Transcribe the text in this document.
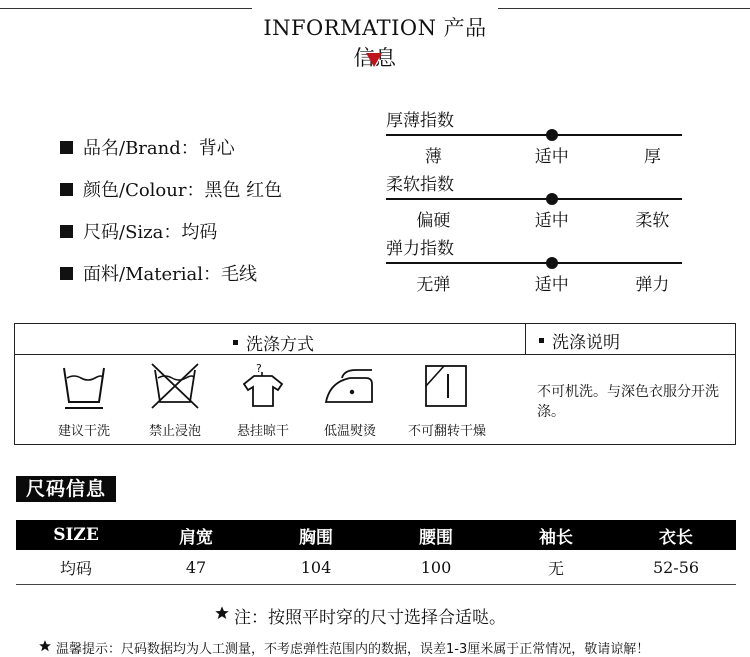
INFORMATION 产品信息
品名/Brand：背心
颜色/Colour：黑色 红色
尺码/Siza：均码
面料/Material：毛线
厚薄指数
薄	适中	厚
柔软指数
偏硬	适中	柔软
弹力指数
无弹	适中	弹力
洗涤方式	洗涤说明
建议干洗	禁止浸泡
?
悬挂晾干	低温熨烫	不可翻转干燥
不可机洗。与深色衣服分开洗涤。
尺码信息
SIZE	肩宽	胸围	腰围	袖长	衣长
均码	47	104	100	无	52-56
注：按照平时穿的尺寸选择合适哒。
温馨提示：尺码数据均为人工测量，不考虑弹性范围内的数据，误差1-3厘米属于正常情况，敬请谅解！
